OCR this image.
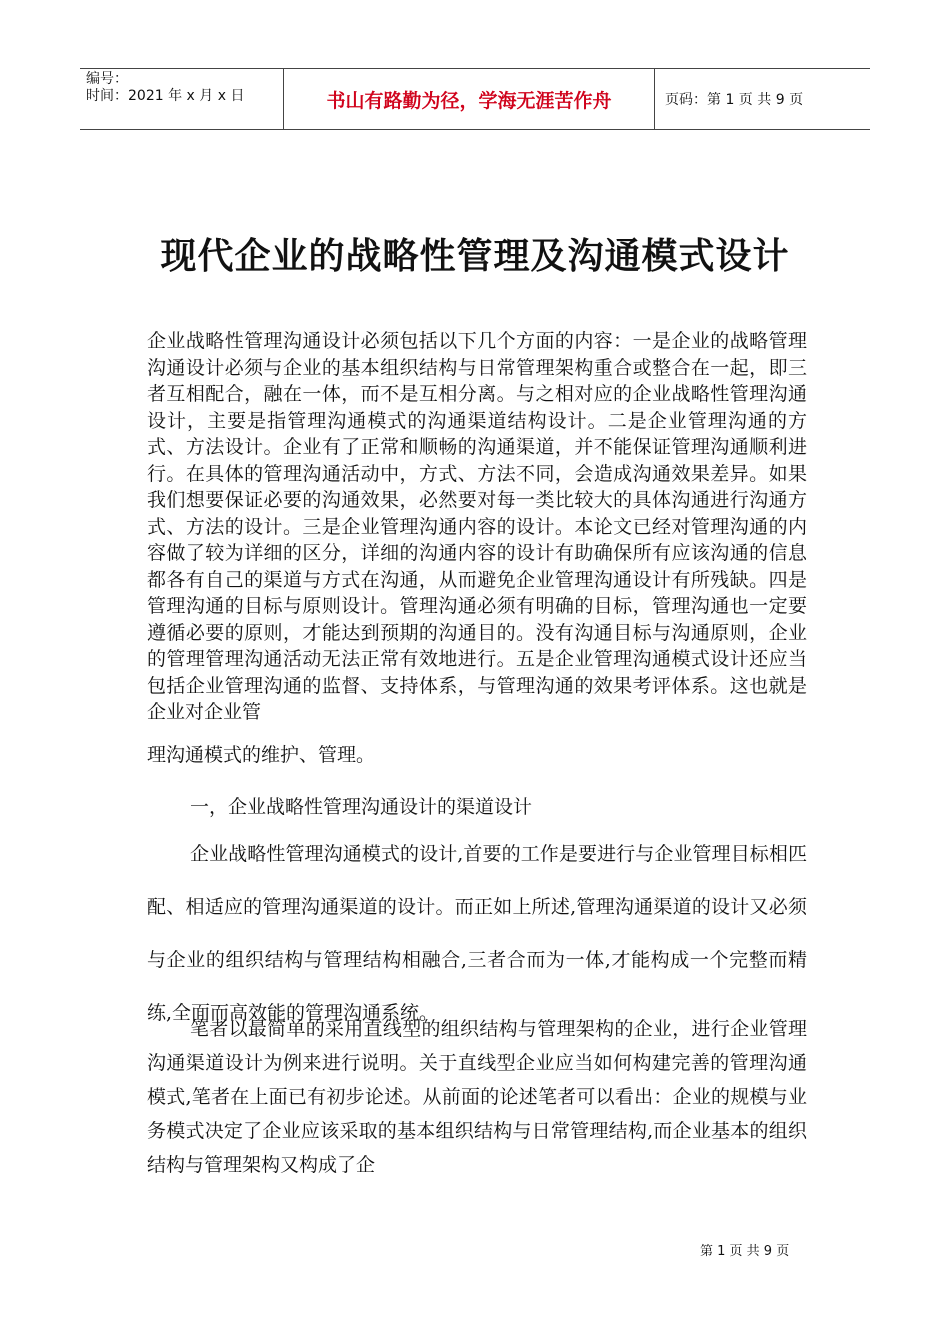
编号：
时间：2021 年 x 月 x 日	书山有路勤为径，学海无涯苦作舟	页码：第 1 页 共 9 页
现代企业的战略性管理及沟通模式设计
企业战略性管理沟通设计必须包括以下几个方面的内容：一是企业的战略管理沟通设计必须与企业的基本组织结构与日常管理架构重合或整合在一起，即三者互相配合，融在一体，而不是互相分离。与之相对应的企业战略性管理沟通设计，主要是指管理沟通模式的沟通渠道结构设计。二是企业管理沟通的方式、方法设计。企业有了正常和顺畅的沟通渠道，并不能保证管理沟通顺利进行。在具体的管理沟通活动中，方式、方法不同，会造成沟通效果差异。如果我们想要保证必要的沟通效果，必然要对每一类比较大的具体沟通进行沟通方式、方法的设计。三是企业管理沟通内容的设计。本论文已经对管理沟通的内容做了较为详细的区分，详细的沟通内容的设计有助确保所有应该沟通的信息都各有自己的渠道与方式在沟通，从而避免企业管理沟通设计有所残缺。四是管理沟通的目标与原则设计。管理沟通必须有明确的目标，管理沟通也一定要遵循必要的原则，才能达到预期的沟通目的。没有沟通目标与沟通原则，企业的管理管理沟通活动无法正常有效地进行。五是企业管理沟通模式设计还应当包括企业管理沟通的监督、支持体系，与管理沟通的效果考评体系。这也就是企业对企业管
理沟通模式的维护、管理。
一，企业战略性管理沟通设计的渠道设计
企业战略性管理沟通模式的设计,首要的工作是要进行与企业管理目标相匹配、相适应的管理沟通渠道的设计。而正如上所述,管理沟通渠道的设计又必须与企业的组织结构与管理结构相融合,三者合而为一体,才能构成一个完整而精练,全面而高效能的管理沟通系统。
笔者以最简单的采用直线型的组织结构与管理架构的企业，进行企业管理沟通渠道设计为例来进行说明。关于直线型企业应当如何构建完善的管理沟通模式,笔者在上面已有初步论述。从前面的论述笔者可以看出：企业的规模与业务模式决定了企业应该采取的基本组织结构与日常管理结构,而企业基本的组织结构与管理架构又构成了企
第 1 页 共 9 页
